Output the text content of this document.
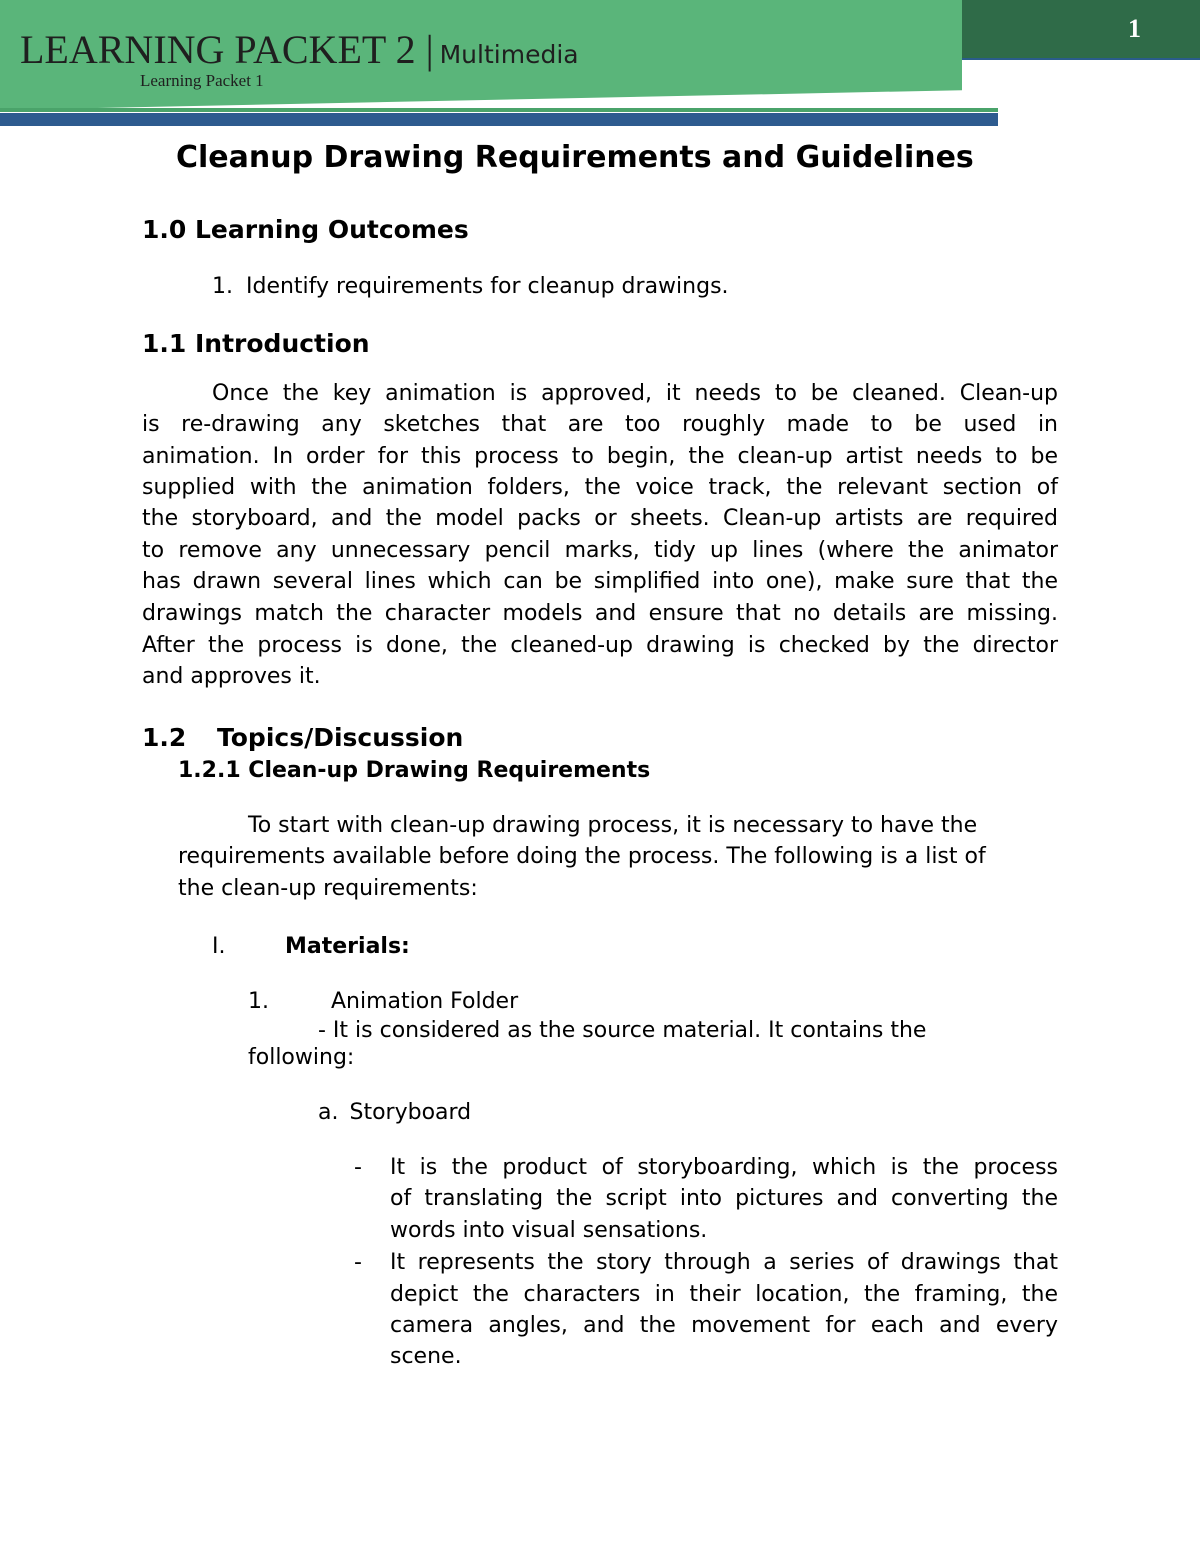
LEARNING PACKET 2 | Multimedia
Learning Packet 1
1
Cleanup Drawing Requirements and Guidelines
1.0 Learning Outcomes
1. Identify requirements for cleanup drawings.
1.1 Introduction
Once the key animation is approved, it needs to be cleaned. Clean-up
is re-drawing any sketches that are too roughly made to be used in
animation. In order for this process to begin, the clean-up artist needs to be
supplied with the animation folders, the voice track, the relevant section of
the storyboard, and the model packs or sheets. Clean-up artists are required
to remove any unnecessary pencil marks, tidy up lines (where the animator
has drawn several lines which can be simplified into one), make sure that the
drawings match the character models and ensure that no details are missing.
After the process is done, the cleaned-up drawing is checked by the director
and approves it.
1.2 Topics/Discussion
1.2.1 Clean-up Drawing Requirements
To start with clean-up drawing process, it is necessary to have the
requirements available before doing the process. The following is a list of
the clean-up requirements:
I.	Materials:
1.	Animation Folder
- It is considered as the source material. It contains the
following:
a. Storyboard
- It is the product of storyboarding, which is the process
of translating the script into pictures and converting the
words into visual sensations.
- It represents the story through a series of drawings that
depict the characters in their location, the framing, the
camera angles, and the movement for each and every
scene.
